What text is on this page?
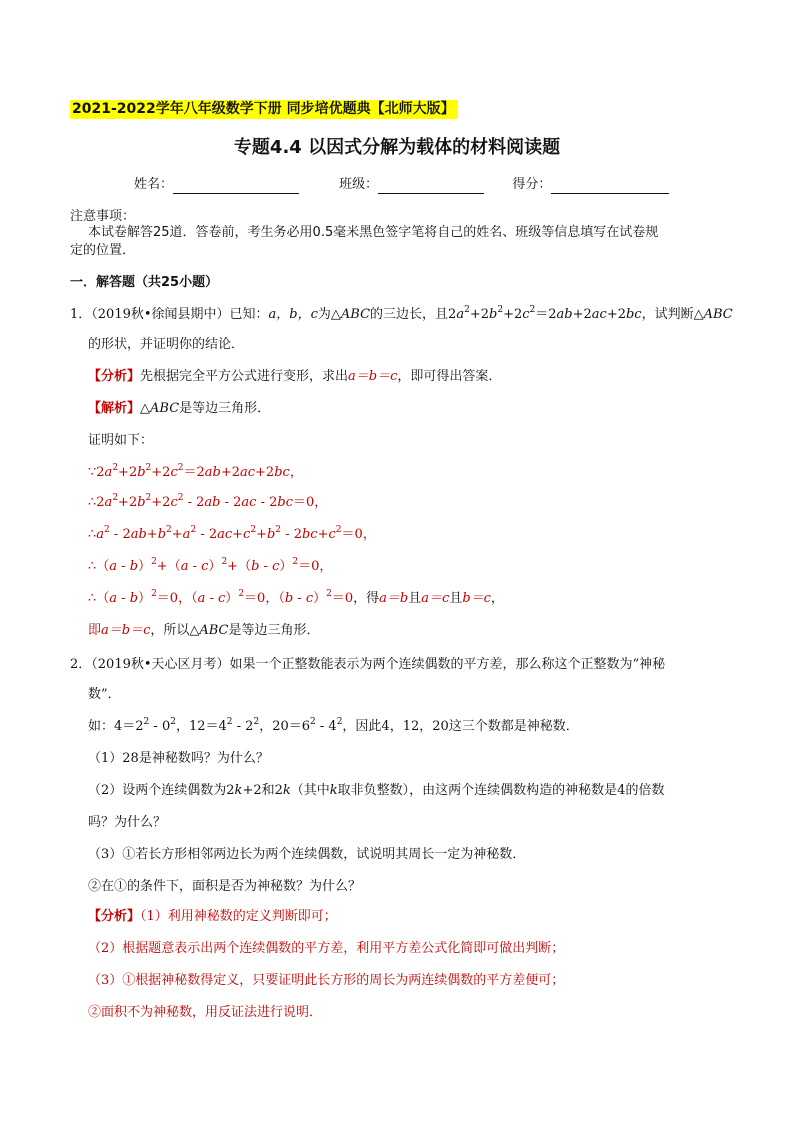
2021-2022学年八年级数学下册 同步培优题典【北师大版】
专题4.4 以因式分解为载体的材料阅读题
姓名：	班级：	得分：
注意事项：
本试卷解答25道．答卷前，考生务必用0.5毫米黑色签字笔将自己的姓名、班级等信息填写在试卷规
定的位置．
一．解答题（共25小题）
1．（2019秋•徐闻县期中）已知：a，b，c为△ABC的三边长，且$2a^2+2b^2+2c^2=2ab+2ac+2bc$，试判断△ABC
的形状，并证明你的结论．
【分析】先根据完全平方公式进行变形，求出a＝b＝c，即可得出答案．
【解析】△ABC是等边三角形．
证明如下：
$\because 2a^2+2b^2+2c^2=2ab+2ac+2bc$，
$\therefore 2a^2+2b^2+2c^2 - 2ab - 2ac - 2bc=0$，
$\therefore a^2 - 2ab+b^2+a^2 - 2ac+c^2+b^2 - 2bc+c^2=0$，
∴（a - b）$^2$+（a - c）$^2$+（b - c）$^2$＝0，
∴（a - b）$^2$＝0，（a - c）$^2$＝0，（b - c）$^2$＝0，得a＝b且a＝c且b＝c，
即a＝b＝c，所以△ABC是等边三角形．
2．（2019秋•天心区月考）如果一个正整数能表示为两个连续偶数的平方差，那么称这个正整数为“神秘
数”．
如：$4=2^2 - 0^2$，$12=4^2 - 2^2$，$20=6^2 - 4^2$，因此4，12，20这三个数都是神秘数．
（1）28是神秘数吗？为什么？
（2）设两个连续偶数为2k+2和2k（其中k取非负整数），由这两个连续偶数构造的神秘数是4的倍数
吗？为什么？
（3）①若长方形相邻两边长为两个连续偶数，试说明其周长一定为神秘数．
②在①的条件下，面积是否为神秘数？为什么？
【分析】（1）利用神秘数的定义判断即可；
（2）根据题意表示出两个连续偶数的平方差，利用平方差公式化简即可做出判断；
（3）①根据神秘数得定义，只要证明此长方形的周长为两连续偶数的平方差便可；
②面积不为神秘数，用反证法进行说明．
